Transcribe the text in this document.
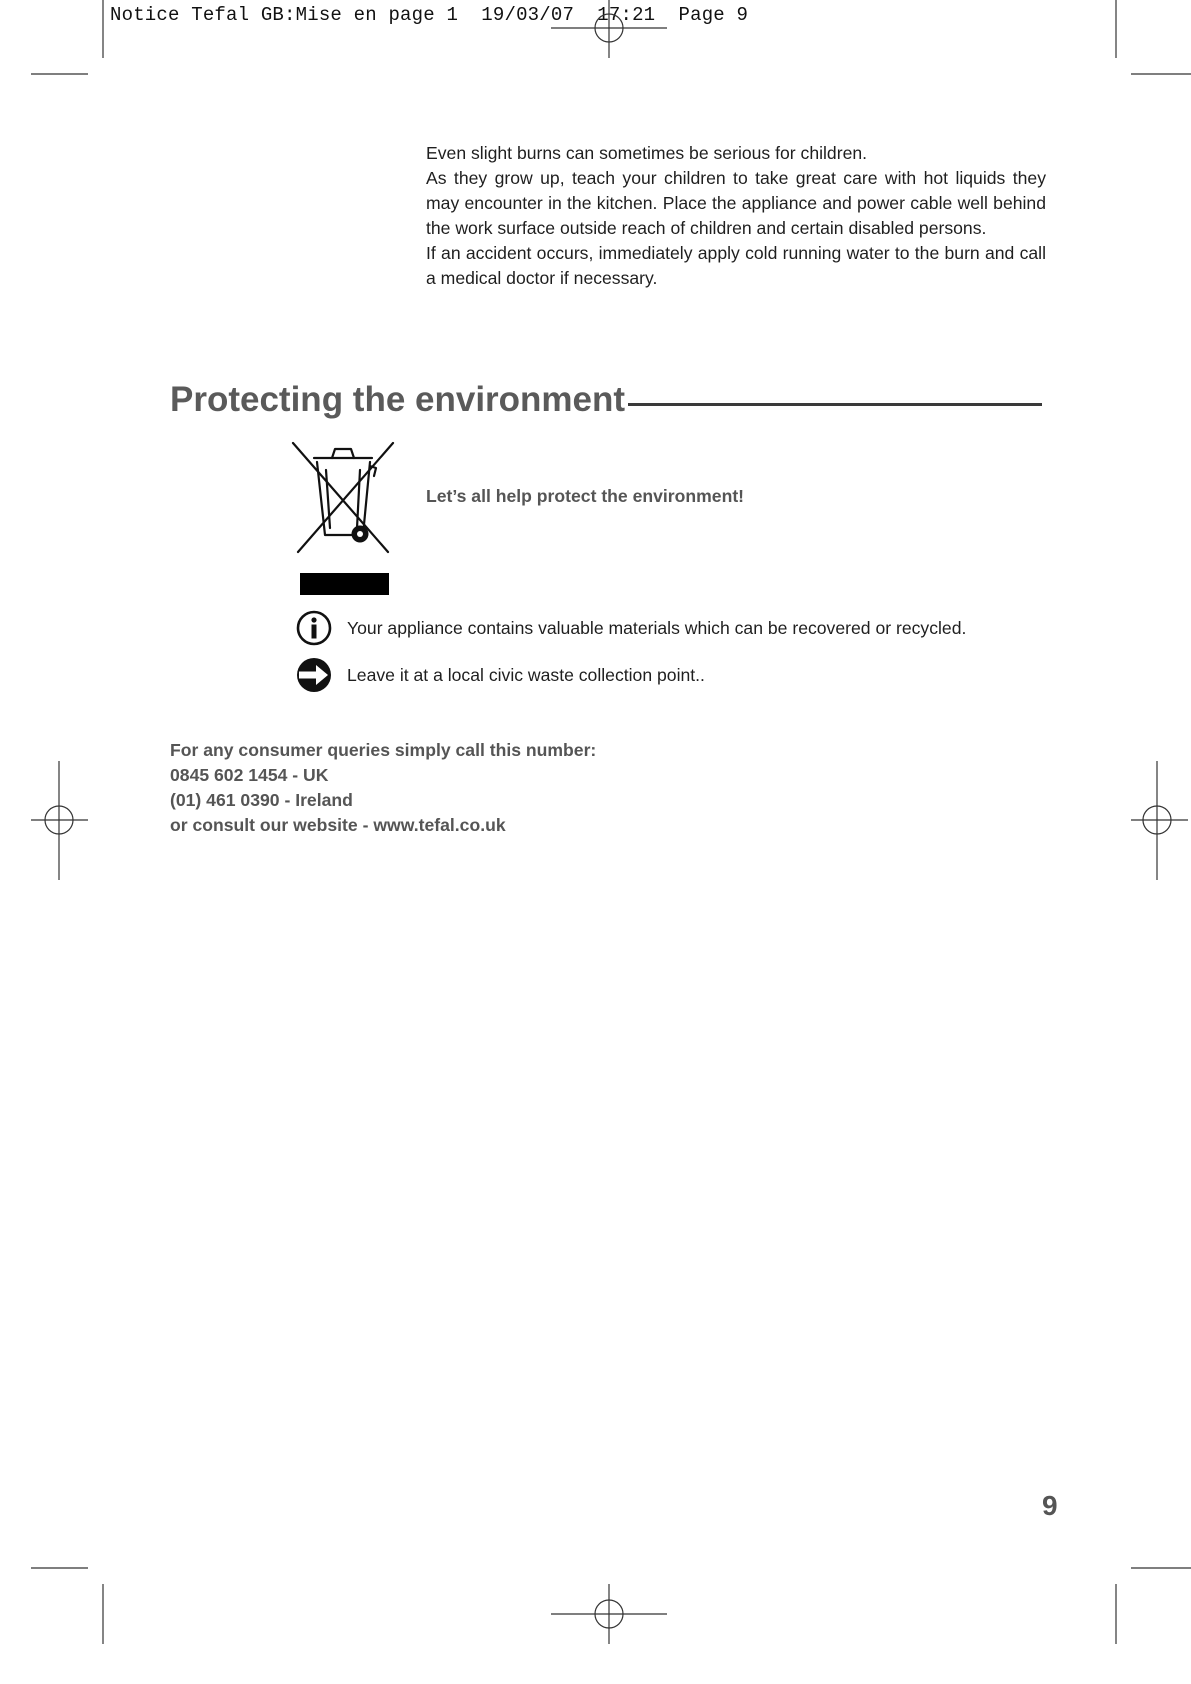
Notice Tefal GB:Mise en page 1  19/03/07  17:21  Page 9

Even slight burns can sometimes be serious for children.

As they grow up, teach your children to take great care with hot liquids they may encounter in the kitchen. Place the appliance and power cable well behind the work surface outside reach of children and certain disabled persons.

If an accident occurs, immediately apply cold running water to the burn and call a medical doctor if necessary.

Protecting the environment
Let’s all help protect the environment!
Your appliance contains valuable materials which can be recovered or recycled.
Leave it at a local civic waste collection point..
For any consumer queries simply call this number:
0845 602 1454 - UK
(01) 461 0390 - Ireland
or consult our website - www.tefal.co.uk
9
